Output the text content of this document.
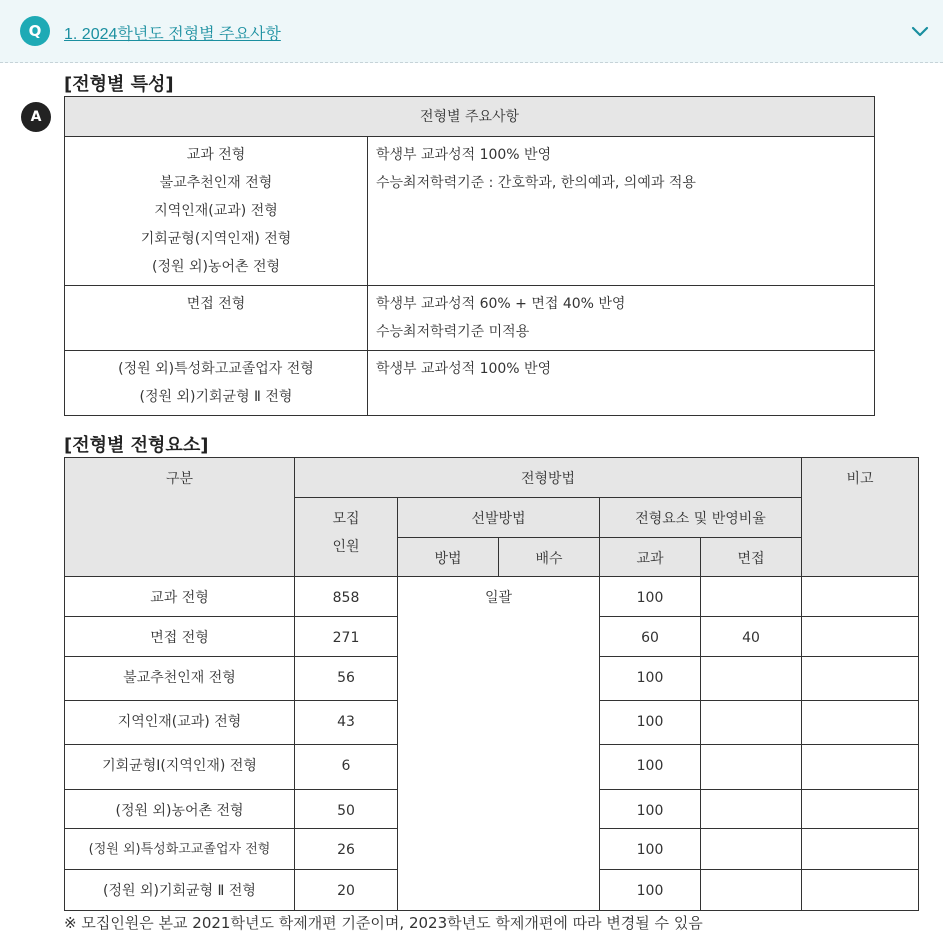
Q	1. 2024학년도 전형별 주요사항
A
[전형별 특성]
전형별 주요사항	

교과 전형
불교추천인재 전형
지역인재(교과) 전형
기회균형(지역인재) 전형
(정원 외)농어촌 전형	학생부 교과성적 100% 반영
수능최저학력기준 : 간호학과, 한의예과, 의예과 적용

면접 전형	학생부 교과성적 60% + 면접 40% 반영
수능최저학력기준 미적용

(정원 외)특성화고교졸업자 전형
(정원 외)기회균형 Ⅱ 전형	학생부 교과성적 100% 반영
[전형별 전형요소]
구분	전형방법					비고

	모집
인원	선발방법		전형요소 및 반영비율		
		방법	배수	교과	면접	
교과 전형	858	일괄		100		
면접 전형	271			60	40	
불교추천인재 전형	56			100		
지역인재(교과) 전형	43			100		
기회균형Ⅰ(지역인재) 전형	6			100		
(정원 외)농어촌 전형	50			100		
(정원 외)특성화고교졸업자 전형	26			100		
(정원 외)기회균형 Ⅱ 전형	20			100		
※ 모집인원은 본교 2021학년도 학제개편 기준이며, 2023학년도 학제개편에 따라 변경될 수 있음
